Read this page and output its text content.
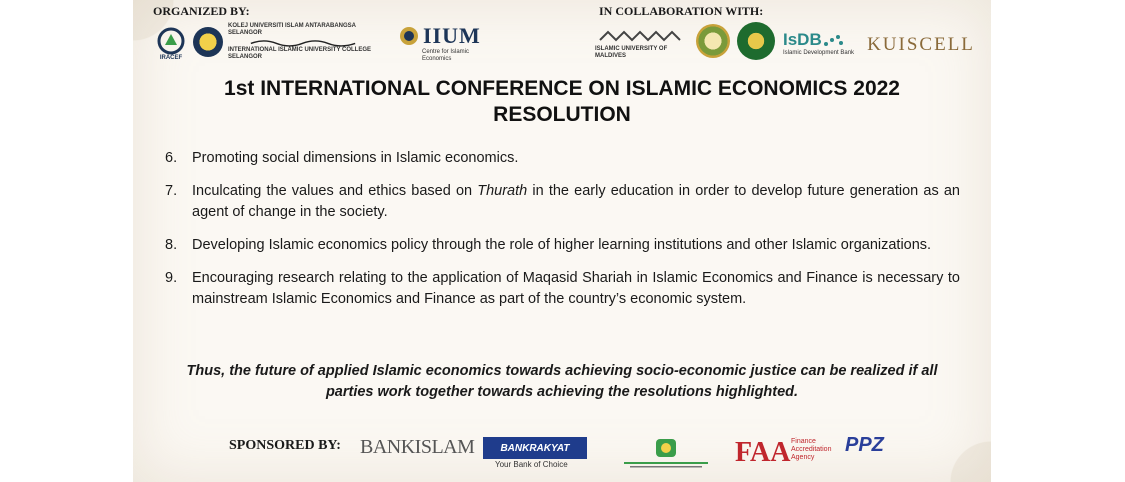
ORGANIZED BY:	IN COLLABORATION WITH:
IRACEF
KOLEJ UNIVERSITI ISLAM ANTARABANGSA SELANGOR
INTERNATIONAL ISLAMIC UNIVERSITY COLLEGE SELANGOR
IIUM
Centre for Islamic Economics
ISLAMIC UNIVERSITY OF MALDIVES
IsDB
Islamic Development Bank KUISCELL
1st INTERNATIONAL CONFERENCE ON ISLAMIC ECONOMICS 2022
RESOLUTION
6.	Promoting social dimensions in Islamic economics.
7.	Inculcating the values and ethics based on Thurath in the early education in order to develop future generation as an agent of change in the society.
8.	Developing Islamic economics policy through the role of higher learning institutions and other Islamic organizations.
9.	Encouraging research relating to the application of Maqasid Shariah in Islamic Economics and Finance is necessary to mainstream Islamic Economics and Finance as part of the country’s economic system.
Thus, the future of applied Islamic economics towards achieving socio-economic justice can be realized if all parties work together towards achieving the resolutions highlighted.
SPONSORED BY: BANKISLAM	BANKRAKYAT
Your Bank of Choice	FAA Finance Accreditation Agency
PPZ
